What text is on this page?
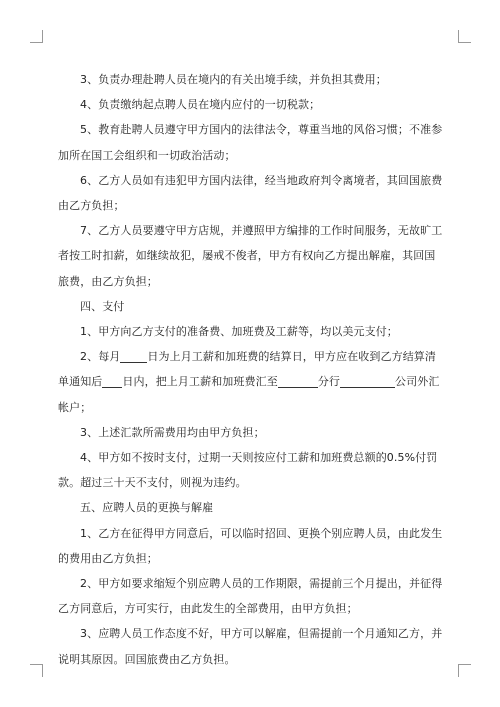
3、负责办理赴聘人员在境内的有关出境手续，并负担其费用；

4、负责缴纳起点聘人员在境内应付的一切税款；

5、教育赴聘人员遵守甲方国内的法律法令，尊重当地的风俗习惯；不准参加所在国工会组织和一切政治活动；

6、乙方人员如有违犯甲方国内法律，经当地政府判令离境者，其回国旅费由乙方负担；

7、乙方人员要遵守甲方店规，并遵照甲方编排的工作时间服务，无故旷工者按工时扣薪，如继续故犯，屡戒不俊者，甲方有权向乙方提出解雇，其回国旅费，由乙方负担；

四、支付

1、甲方向乙方支付的准备费、加班费及工薪等，均以美元支付；

2、每月 日为上月工薪和加班费的结算日，甲方应在收到乙方结算清单通知后 日内，把上月工薪和加班费汇至	分行	公司外汇帐户；

3、上述汇款所需费用均由甲方负担；

4、甲方如不按时支付，过期一天则按应付工薪和加班费总额的0.5%付罚款。超过三十天不支付，则视为违约。

五、应聘人员的更换与解雇

1、乙方在征得甲方同意后，可以临时招回、更换个别应聘人员，由此发生的费用由乙方负担；

2、甲方如要求缩短个别应聘人员的工作期限，需提前三个月提出，并征得乙方同意后，方可实行，由此发生的全部费用，由甲方负担；

3、应聘人员工作态度不好，甲方可以解雇，但需提前一个月通知乙方，并说明其原因。回国旅费由乙方负担。
